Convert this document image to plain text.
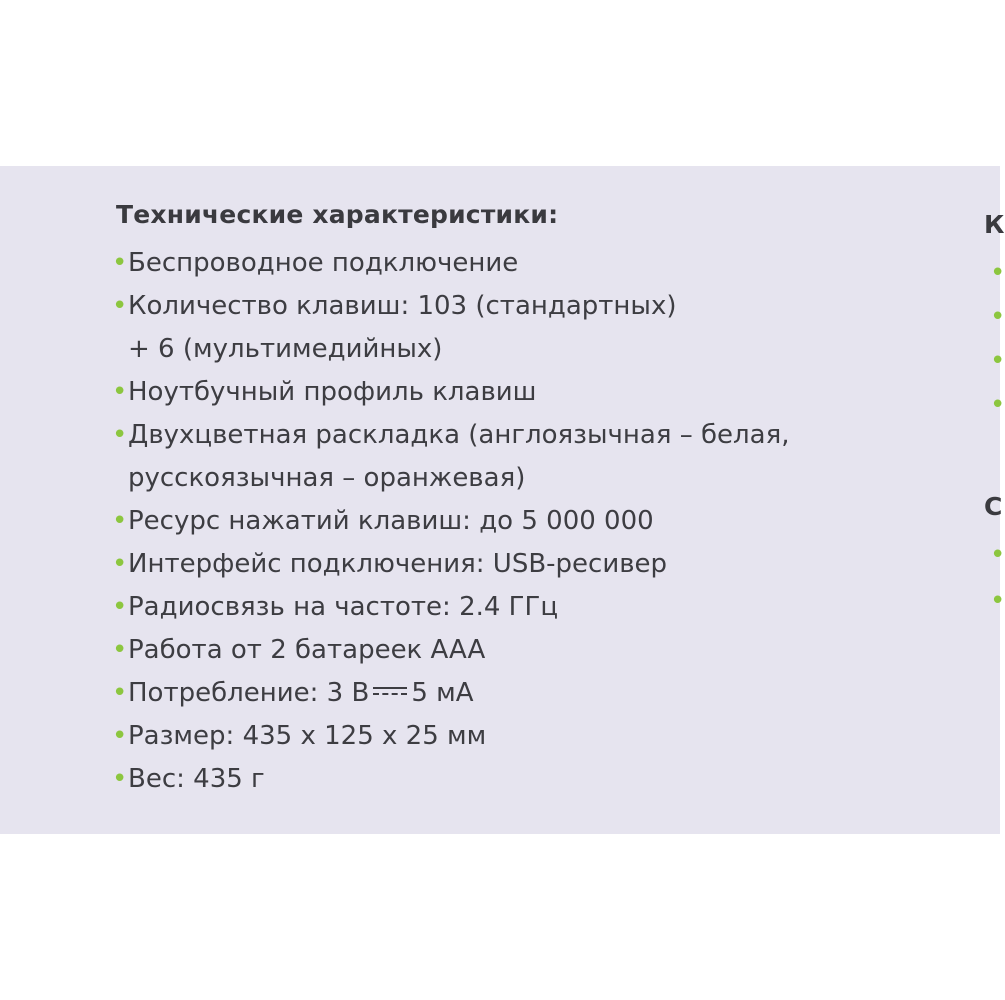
Технические характеристики:
• Беспроводное подключение
• Количество клавиш: 103 (стандартных)
+ 6 (мультимедийных)
• Ноутбучный профиль клавиш
• Двухцветная раскладка (англоязычная – белая,
русскоязычная – оранжевая)
• Ресурс нажатий клавиш: до 5 000 000
• Интерфейс подключения: USB-ресивер
• Радиосвязь на частоте: 2.4 ГГц
• Работа от 2 батареек AAA
• Потребление: 3 В 5 мА
• Размер: 435 x 125 x 25 мм
• Вес: 435 г
К
•
•
•
•
С
•
•
